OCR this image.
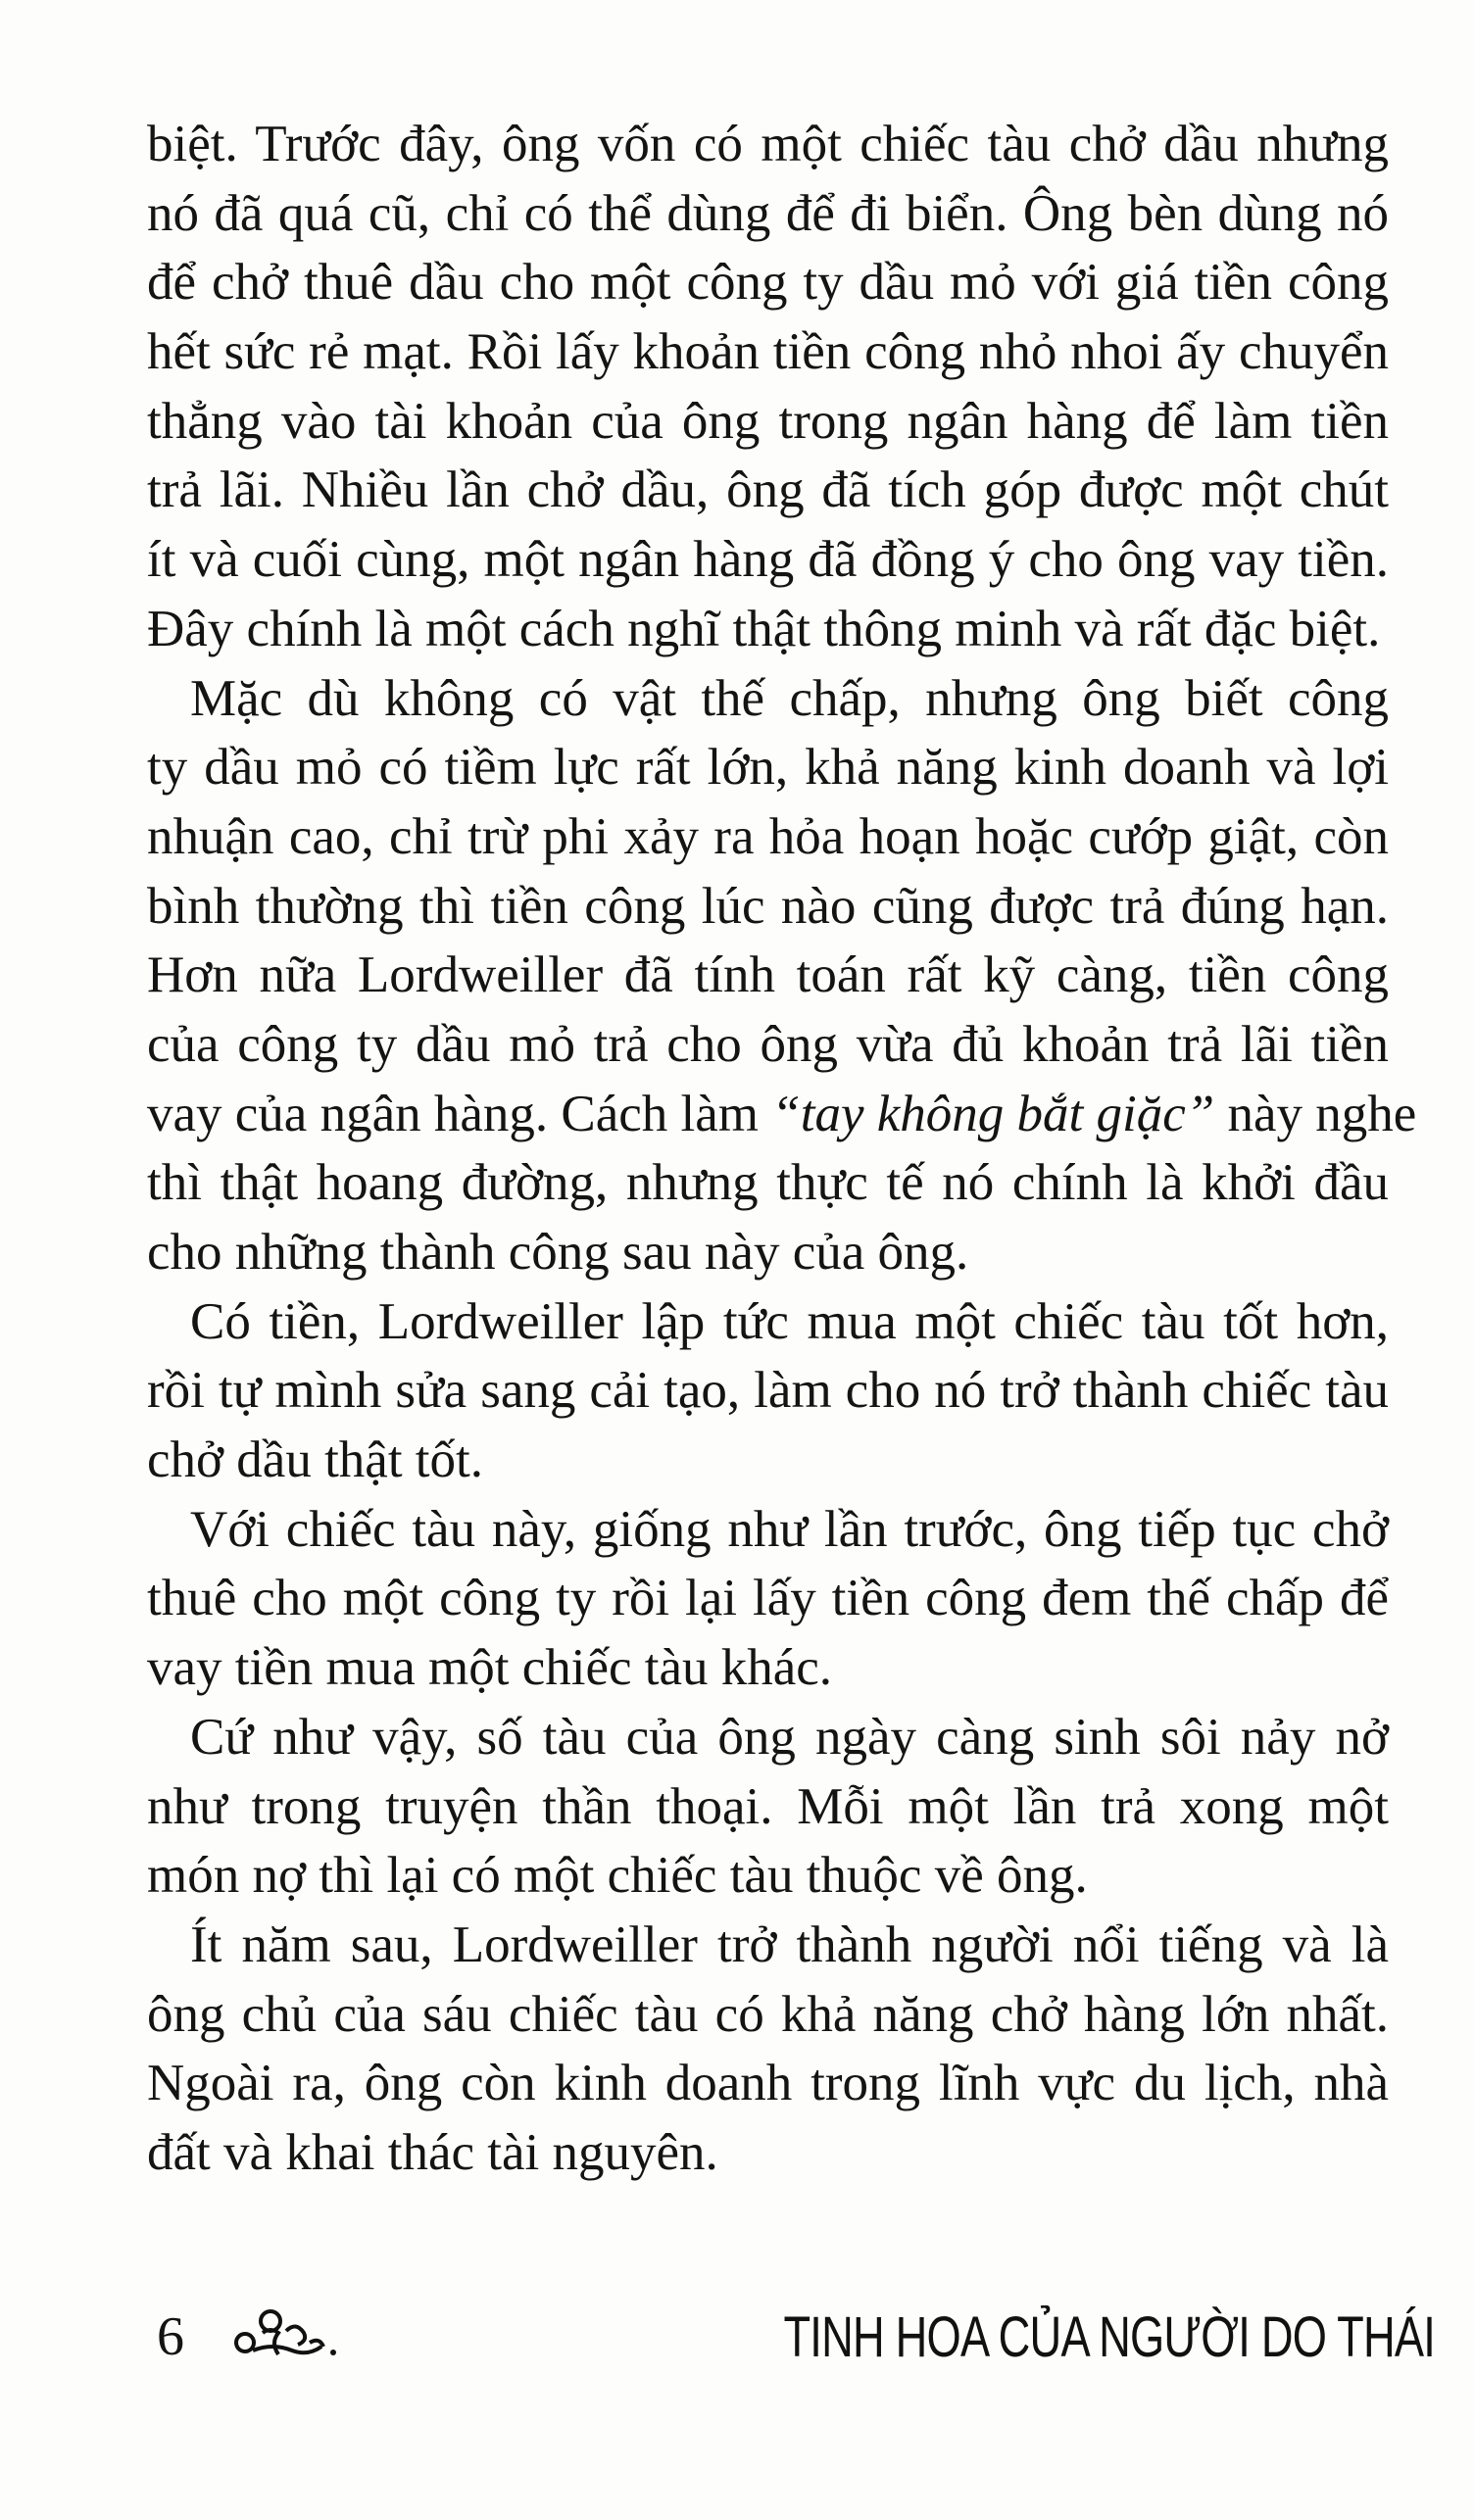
biệt. Trước đây, ông vốn có một chiếc tàu chở dầu nhưng
nó đã quá cũ, chỉ có thể dùng để đi biển. Ông bèn dùng nó
để chở thuê dầu cho một công ty dầu mỏ với giá tiền công
hết sức rẻ mạt. Rồi lấy khoản tiền công nhỏ nhoi ấy chuyển
thẳng vào tài khoản của ông trong ngân hàng để làm tiền
trả lãi. Nhiều lần chở dầu, ông đã tích góp được một chút
ít và cuối cùng, một ngân hàng đã đồng ý cho ông vay tiền.
Đây chính là một cách nghĩ thật thông minh và rất đặc biệt.
Mặc dù không có vật thế chấp, nhưng ông biết công
ty dầu mỏ có tiềm lực rất lớn, khả năng kinh doanh và lợi
nhuận cao, chỉ trừ phi xảy ra hỏa hoạn hoặc cướp giật, còn
bình thường thì tiền công lúc nào cũng được trả đúng hạn.
Hơn nữa Lordweiller đã tính toán rất kỹ càng, tiền công
của công ty dầu mỏ trả cho ông vừa đủ khoản trả lãi tiền
vay của ngân hàng. Cách làm “tay không bắt giặc” này nghe
thì thật hoang đường, nhưng thực tế nó chính là khởi đầu
cho những thành công sau này của ông.
Có tiền, Lordweiller lập tức mua một chiếc tàu tốt hơn,
rồi tự mình sửa sang cải tạo, làm cho nó trở thành chiếc tàu
chở dầu thật tốt.
Với chiếc tàu này, giống như lần trước, ông tiếp tục chở
thuê cho một công ty rồi lại lấy tiền công đem thế chấp để
vay tiền mua một chiếc tàu khác.
Cứ như vậy, số tàu của ông ngày càng sinh sôi nảy nở
như trong truyện thần thoại. Mỗi một lần trả xong một
món nợ thì lại có một chiếc tàu thuộc về ông.
Ít năm sau, Lordweiller trở thành người nổi tiếng và là
ông chủ của sáu chiếc tàu có khả năng chở hàng lớn nhất.
Ngoài ra, ông còn kinh doanh trong lĩnh vực du lịch, nhà
đất và khai thác tài nguyên.
6	TINH HOA CỦA NGƯỜI DO THÁI
